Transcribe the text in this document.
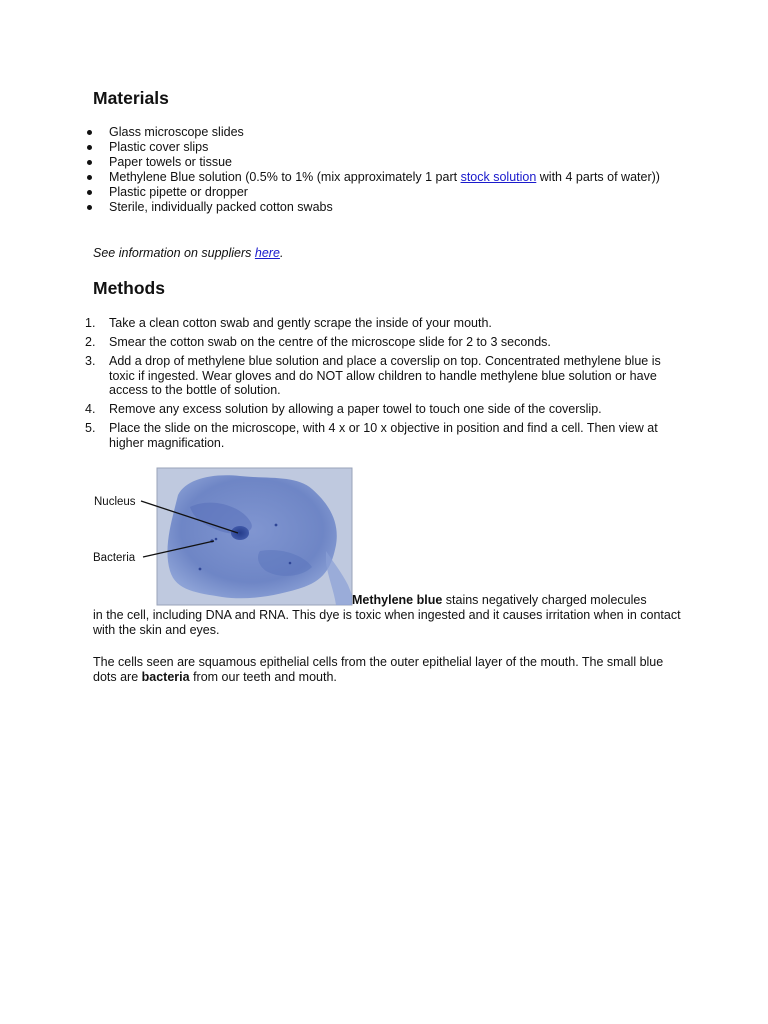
Materials
Glass microscope slides
Plastic cover slips
Paper towels or tissue
Methylene Blue solution (0.5% to 1% (mix approximately 1 part stock solution with 4 parts of water))
Plastic pipette or dropper
Sterile, individually packed cotton swabs

See information on suppliers here.

Methods
1. Take a clean cotton swab and gently scrape the inside of your mouth.
2. Smear the cotton swab on the centre of the microscope slide for 2 to 3 seconds.
3. Add a drop of methylene blue solution and place a coverslip on top. Concentrated methylene blue is toxic if ingested. Wear gloves and do NOT allow children to handle methylene blue solution or have access to the bottle of solution.
4. Remove any excess solution by allowing a paper towel to touch one side of the coverslip.
5. Place the slide on the microscope, with 4 x or 10 x objective in position and find a cell. Then view at higher magnification.
Nucleus
Bacteria

Methylene blue stains negatively charged molecules

in the cell, including DNA and RNA. This dye is toxic when ingested and it causes irritation when in contact with the skin and eyes.

The cells seen are squamous epithelial cells from the outer epithelial layer of the mouth. The small blue dots are bacteria from our teeth and mouth.
